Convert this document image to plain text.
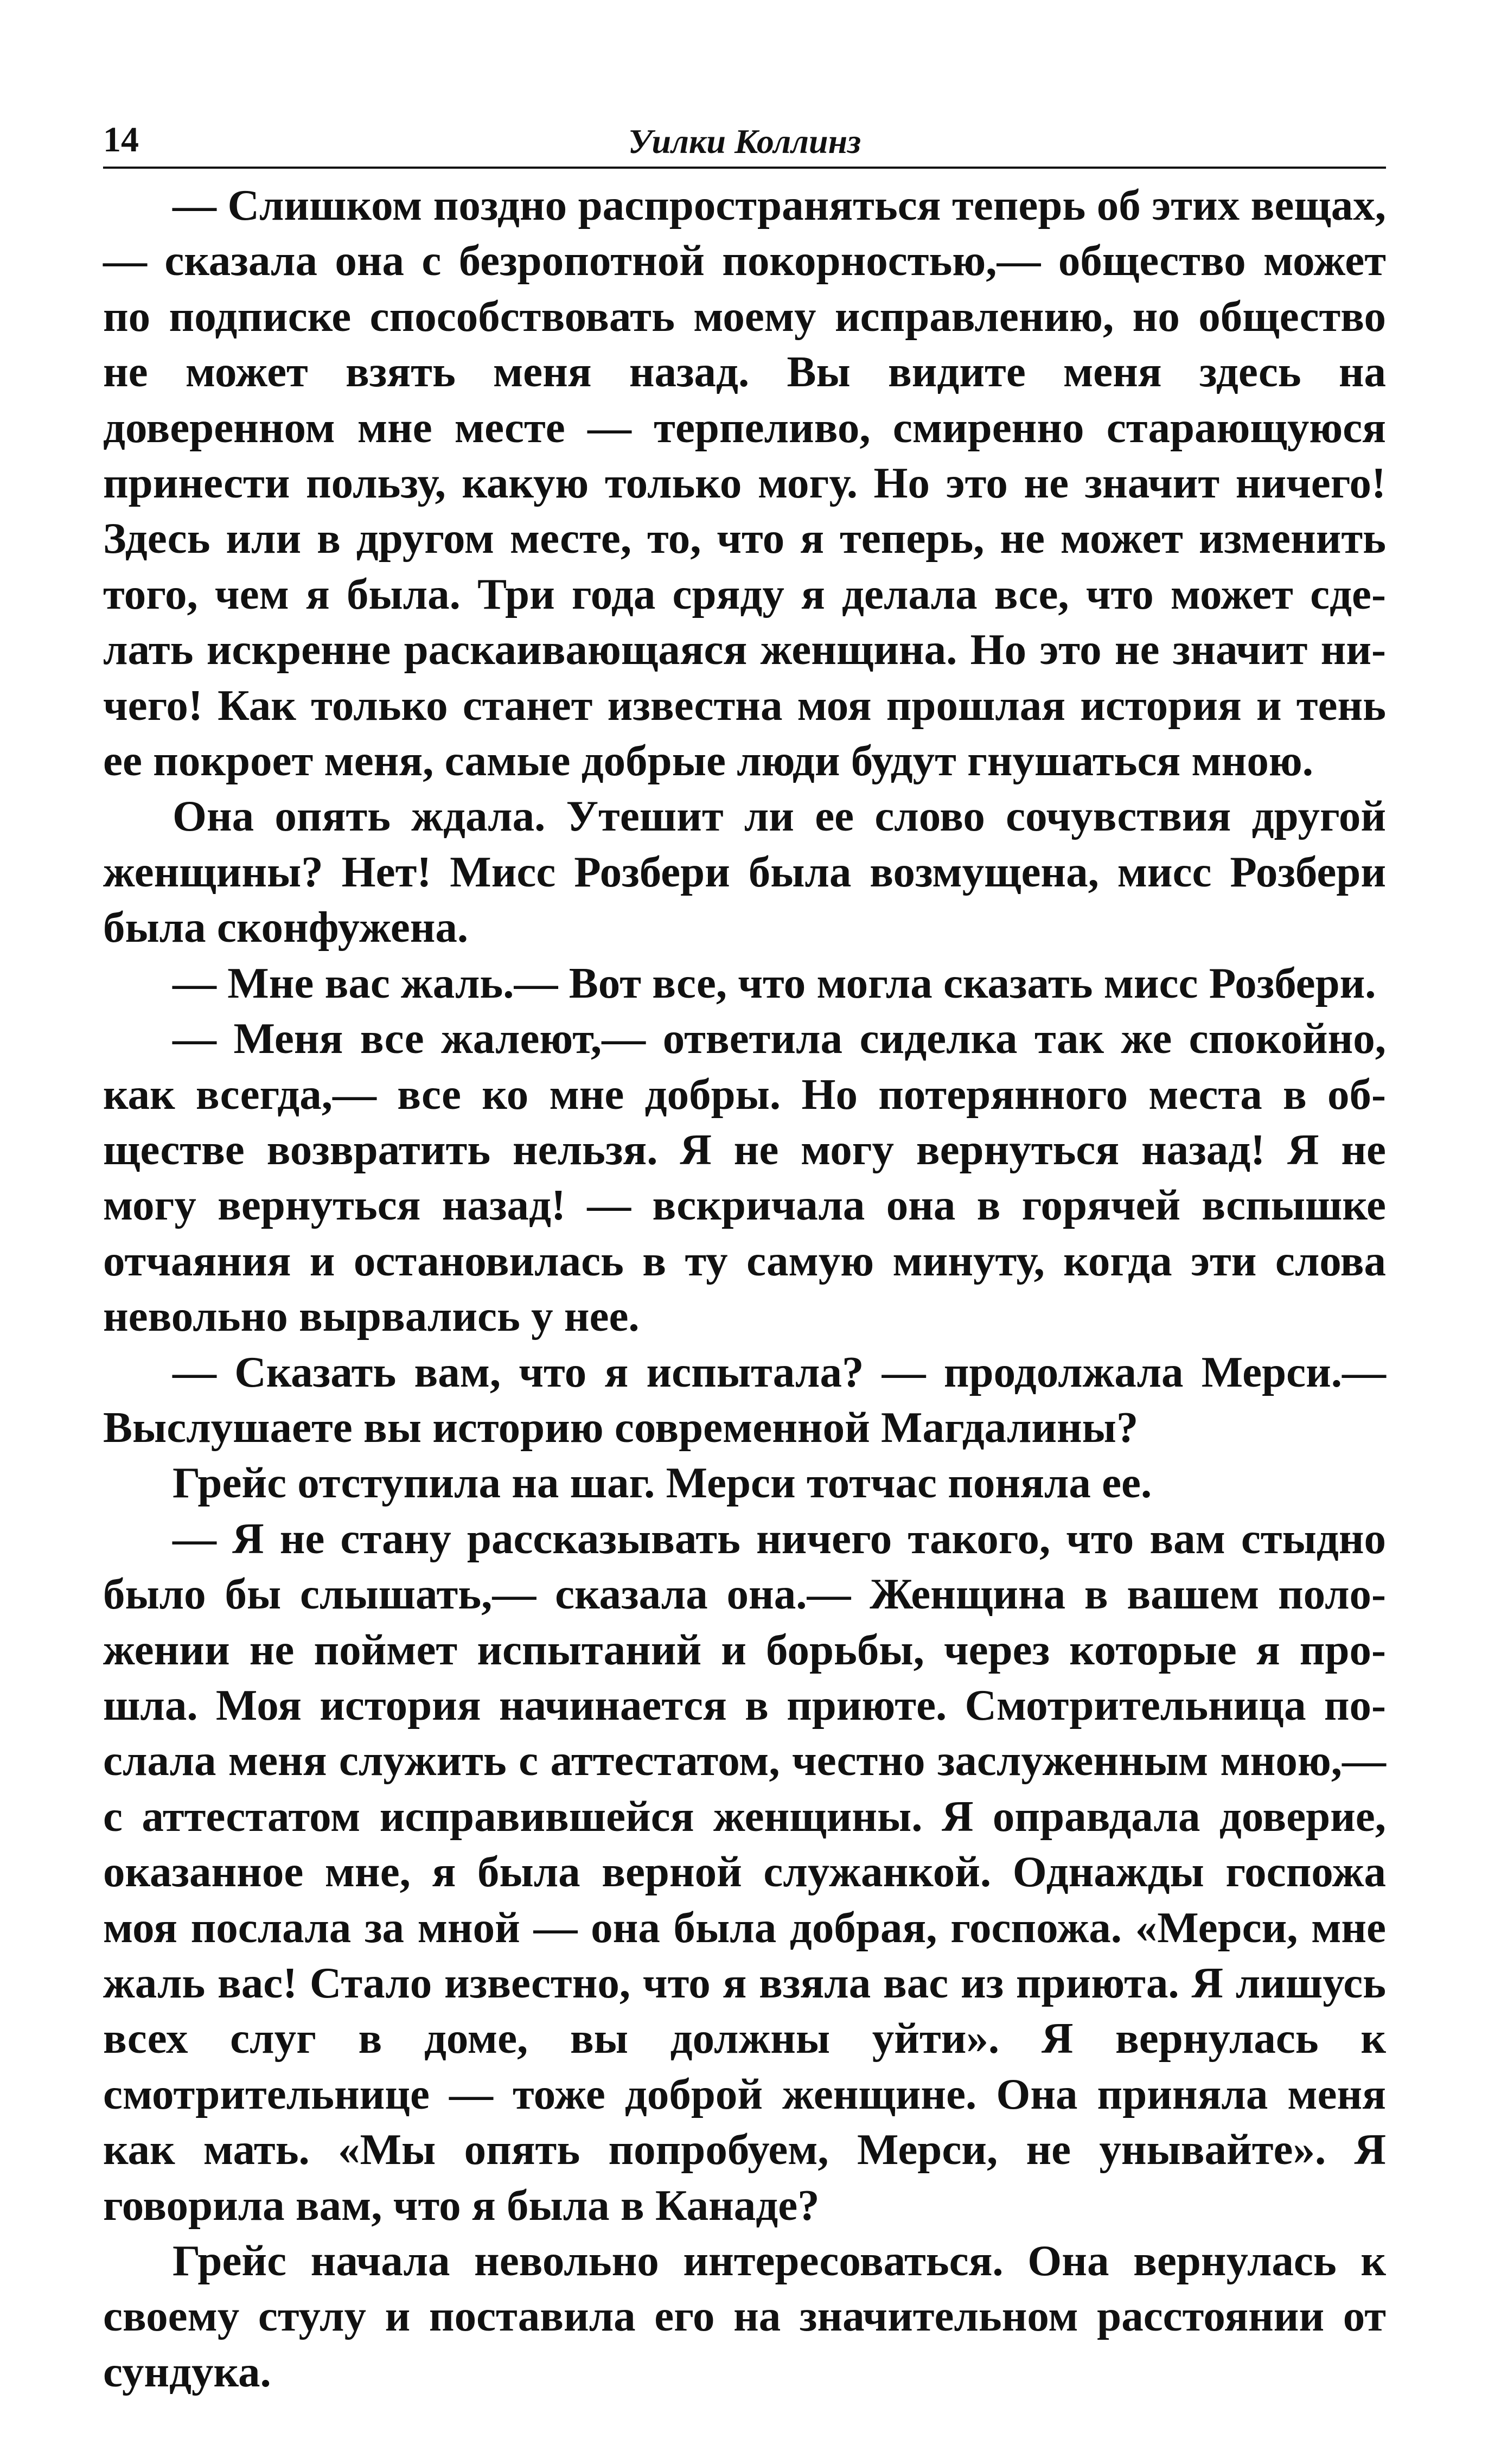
14	Уилки Коллинз

— Слишком поздно распространяться теперь об этих вещах,— сказала она с безропотной покорностью,— общество может по подписке способствовать моему исправлению, но общество не может взять меня назад. Вы видите меня здесь на доверенном мне месте — терпеливо, смиренно старающуюся принести пользу, какую только могу. Но это не значит ничего! Здесь или в другом месте, то, что я теперь, не может изменить того, чем я была. Три года сряду я делала все, что может сделать искренне раскаивающаяся женщина. Но это не значит ничего! Как только станет известна моя прошлая история и тень ее покроет меня, самые добрые люди будут гнушаться мною.

Она опять ждала. Утешит ли ее слово сочувствия другой женщины? Нет! Мисс Розбери была возмущена, мисс Розбери была сконфужена.

— Мне вас жаль.— Вот все, что могла сказать мисс Розбери.

— Меня все жалеют,— ответила сиделка так же спокойно, как всегда,— все ко мне добры. Но потерянного места в обществе возвратить нельзя. Я не могу вернуться назад! Я не могу вернуться назад! — вскричала она в горячей вспышке отчаяния и остановилась в ту самую минуту, когда эти слова невольно вырвались у нее.

— Сказать вам, что я испытала? — продолжала Мерси.— Выслушаете вы историю современной Магдалины?

Грейс отступила на шаг. Мерси тотчас поняла ее.

— Я не стану рассказывать ничего такого, что вам стыдно было бы слышать,— сказала она.— Женщина в вашем положении не поймет испытаний и борьбы, через которые я прошла. Моя история начинается в приюте. Смотрительница послала меня служить с аттестатом, честно заслуженным мною,— с аттестатом исправившейся женщины. Я оправдала доверие, оказанное мне, я была верной служанкой. Однажды госпожа моя послала за мной — она была добрая, госпожа. «Мерси, мне жаль вас! Стало известно, что я взяла вас из приюта. Я лишусь всех слуг в доме, вы должны уйти». Я вернулась к смотрительнице — тоже доброй женщине. Она приняла меня как мать. «Мы опять попробуем, Мерси, не унывайте». Я говорила вам, что я была в Канаде?

Грейс начала невольно интересоваться. Она вернулась к своему стулу и поставила его на значительном расстоянии от сундука.
